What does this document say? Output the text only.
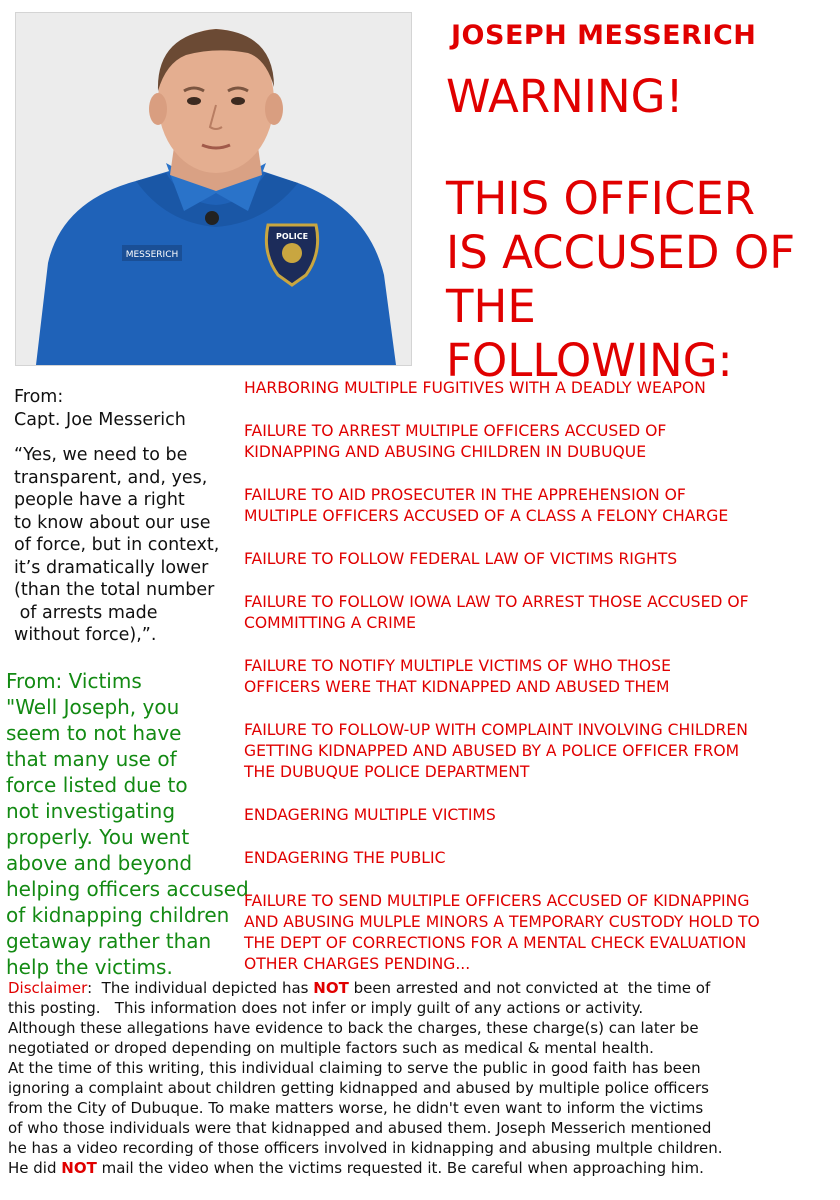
MESSERICH
POLICE
JOSEPH MESSERICH
WARNING!
THIS OFFICER
IS ACCUSED OF
THE FOLLOWING:
From:
Capt. Joe Messerich
“Yes, we need to be
transparent, and, yes,
people have a right
to know about our use
of force, but in context,
it’s dramatically lower
(than the total number
of arrests made
without force),”.
From: Victims
"Well Joseph, you
seem to not have
that many use of
force listed due to
not investigating
properly. You went
above and beyond
helping officers accused
of kidnapping children
getaway rather than
help the victims.
HARBORING MULTIPLE FUGITIVES WITH A DEADLY WEAPON
FAILURE TO ARREST MULTIPLE OFFICERS ACCUSED OF
KIDNAPPING AND ABUSING CHILDREN IN DUBUQUE
FAILURE TO AID PROSECUTER IN THE APPREHENSION OF
MULTIPLE OFFICERS ACCUSED OF A CLASS A FELONY CHARGE
FAILURE TO FOLLOW FEDERAL LAW OF VICTIMS RIGHTS
FAILURE TO FOLLOW IOWA LAW TO ARREST THOSE ACCUSED OF
COMMITTING A CRIME
FAILURE TO NOTIFY MULTIPLE VICTIMS OF WHO THOSE
OFFICERS WERE THAT KIDNAPPED AND ABUSED THEM
FAILURE TO FOLLOW-UP WITH COMPLAINT INVOLVING CHILDREN
GETTING KIDNAPPED AND ABUSED BY A POLICE OFFICER FROM
THE DUBUQUE POLICE DEPARTMENT
ENDAGERING MULTIPLE VICTIMS
ENDAGERING THE PUBLIC
FAILURE TO SEND MULTIPLE OFFICERS ACCUSED OF KIDNAPPING
AND ABUSING MULPLE MINORS A TEMPORARY CUSTODY HOLD TO
THE DEPT OF CORRECTIONS FOR A MENTAL CHECK EVALUATION
OTHER CHARGES PENDING...
Disclaimer:  The individual depicted has NOT been arrested and not convicted at  the time of
this posting.   This information does not infer or imply guilt of any actions or activity.
Although these allegations have evidence to back the charges, these charge(s) can later be
negotiated or droped depending on multiple factors such as medical & mental health.
At the time of this writing, this individual claiming to serve the public in good faith has been
ignoring a complaint about children getting kidnapped and abused by multiple police officers
from the City of Dubuque. To make matters worse, he didn't even want to inform the victims
of who those individuals were that kidnapped and abused them. Joseph Messerich mentioned
he has a video recording of those officers involved in kidnapping and abusing multple children.
He did NOT mail the video when the victims requested it. Be careful when approaching him.
